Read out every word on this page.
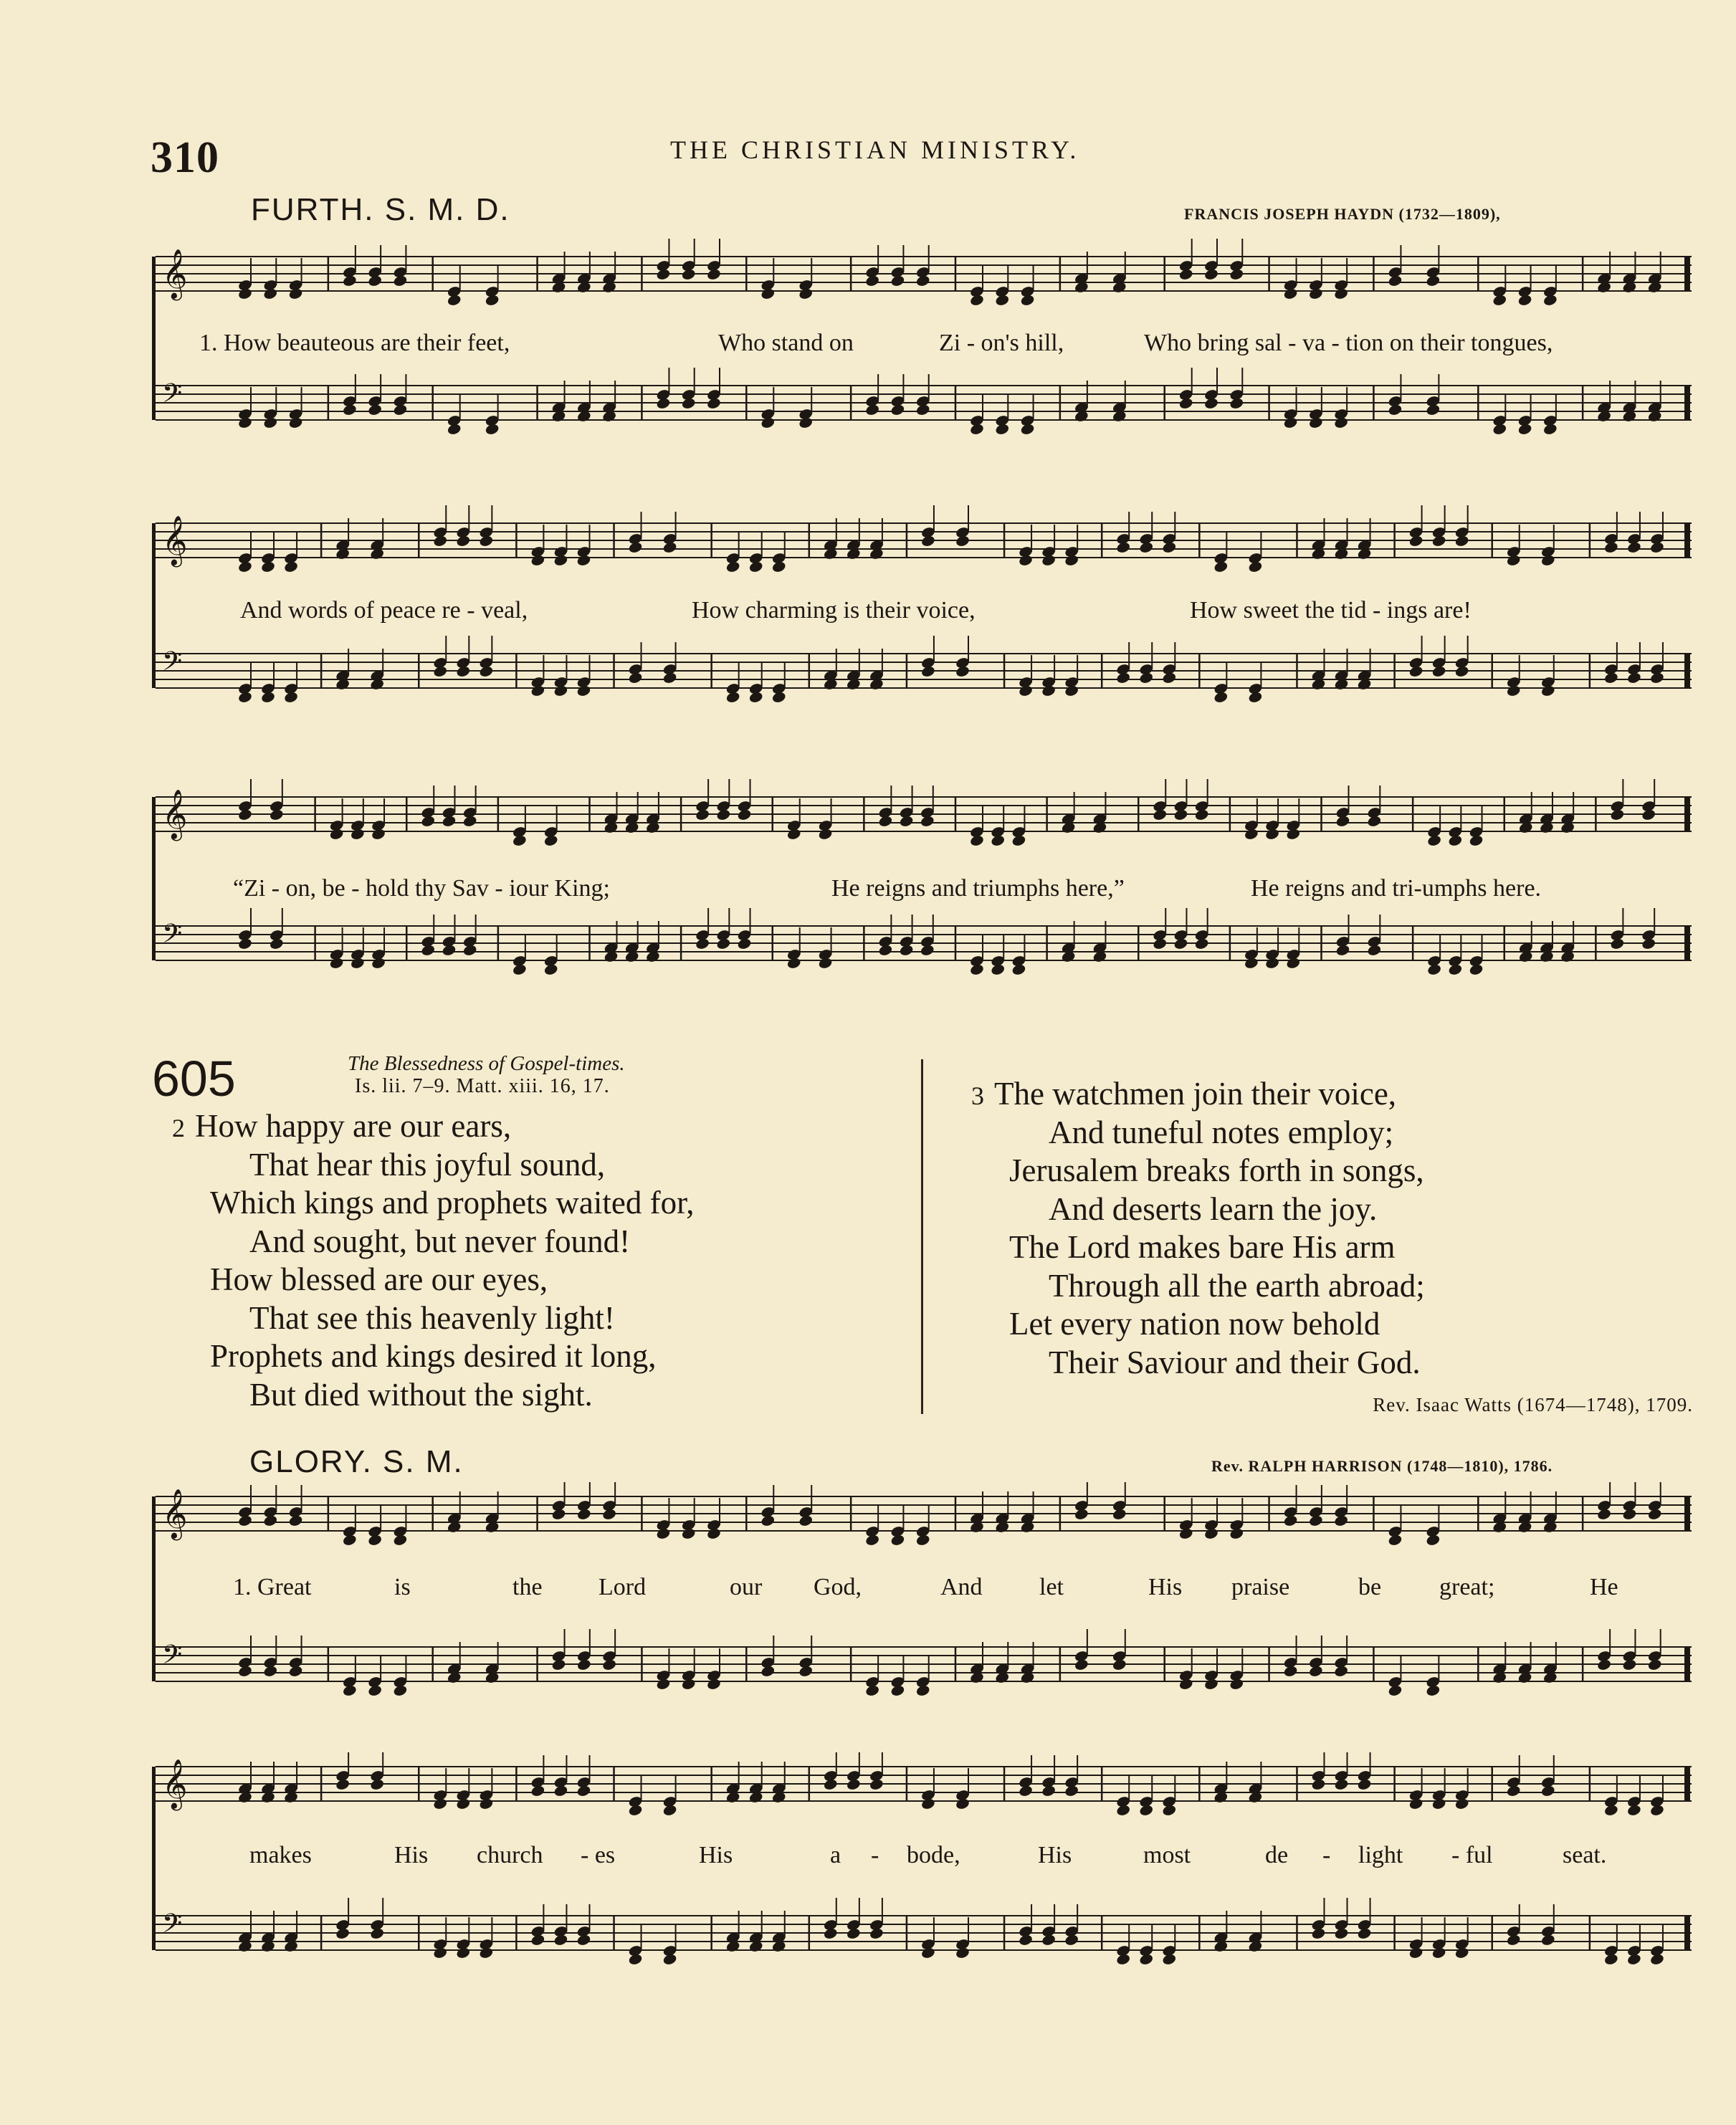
310	THE CHRISTIAN MINISTRY.
FURTH. S. M. D.	FRANCIS JOSEPH HAYDN (1732—1809),
𝄞
𝄢
𝄞
𝄢
𝄞
𝄢
1. How beauteous are their feet,	Who stand on	Zi - on's hill,	Who bring sal - va - tion on their tongues,
And words of peace re - veal,	How charming is their voice,	How sweet the tid - ings are!
“Zi - on, be - hold thy Sav - iour King;	He reigns and triumphs here,”	He reigns and tri-umphs here.
605	The Blessedness of Gospel-times.
Is. lii. 7–9. Matt. xiii. 16, 17.
2 How happy are our ears,
That hear this joyful sound,
Which kings and prophets waited for,
And sought, but never found!
How blessed are our eyes,
That see this heavenly light!
Prophets and kings desired it long,
But died without the sight.
3 The watchmen join their voice,
And tuneful notes employ;
Jerusalem breaks forth in songs,
And deserts learn the joy.
The Lord makes bare His arm
Through all the earth abroad;
Let every nation now behold
Their Saviour and their God.
Rev. Isaac Watts (1674—1748), 1709.
GLORY. S. M.	Rev. RALPH HARRISON (1748—1810), 1786.
𝄞
𝄢
𝄞
𝄢
1. Great	is	the Lord	our God,	And let	His praise	be great;	He
makes	His church - es	His	a - bode,	His	most	de - light - ful	seat.
